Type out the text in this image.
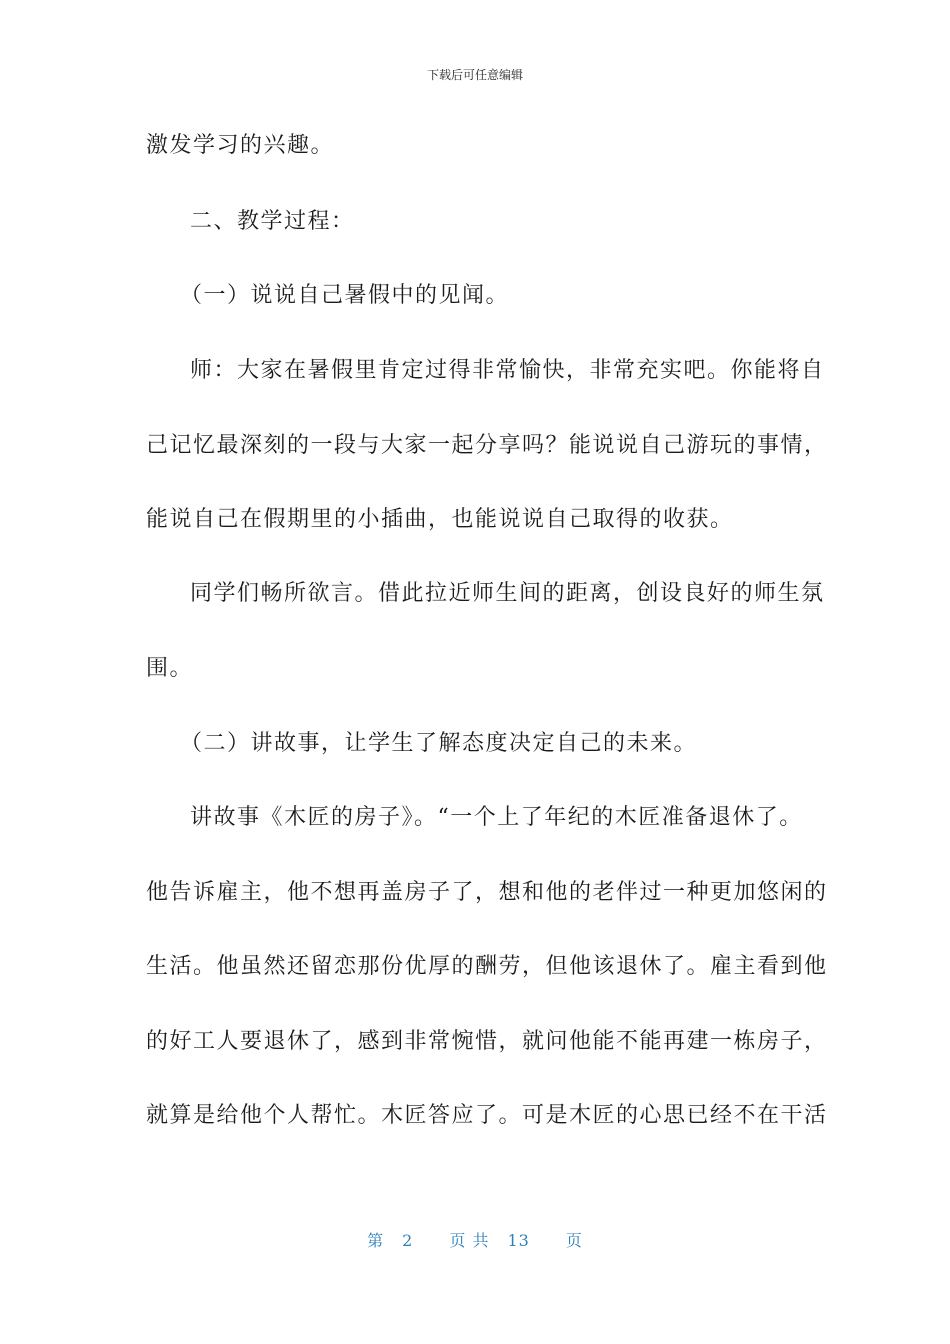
下载后可任意编辑
激发学习的兴趣。
二、教学过程：
（一）说说自己暑假中的见闻。
师：大家在暑假里肯定过得非常愉快，非常充实吧。你能将自
己记忆最深刻的一段与大家一起分享吗？能说说自己游玩的事情，
能说自己在假期里的小插曲，也能说说自己取得的收获。
同学们畅所欲言。借此拉近师生间的距离，创设良好的师生氛
围。
（二）讲故事，让学生了解态度决定自己的未来。
讲故事《木匠的房子》。“一个上了年纪的木匠准备退休了。
他告诉雇主，他不想再盖房子了，想和他的老伴过一种更加悠闲的
生活。他虽然还留恋那份优厚的酬劳，但他该退休了。雇主看到他
的好工人要退休了，感到非常惋惜，就问他能不能再建一栋房子，
就算是给他个人帮忙。木匠答应了。可是木匠的心思已经不在干活
第 2 页 共 13 页
